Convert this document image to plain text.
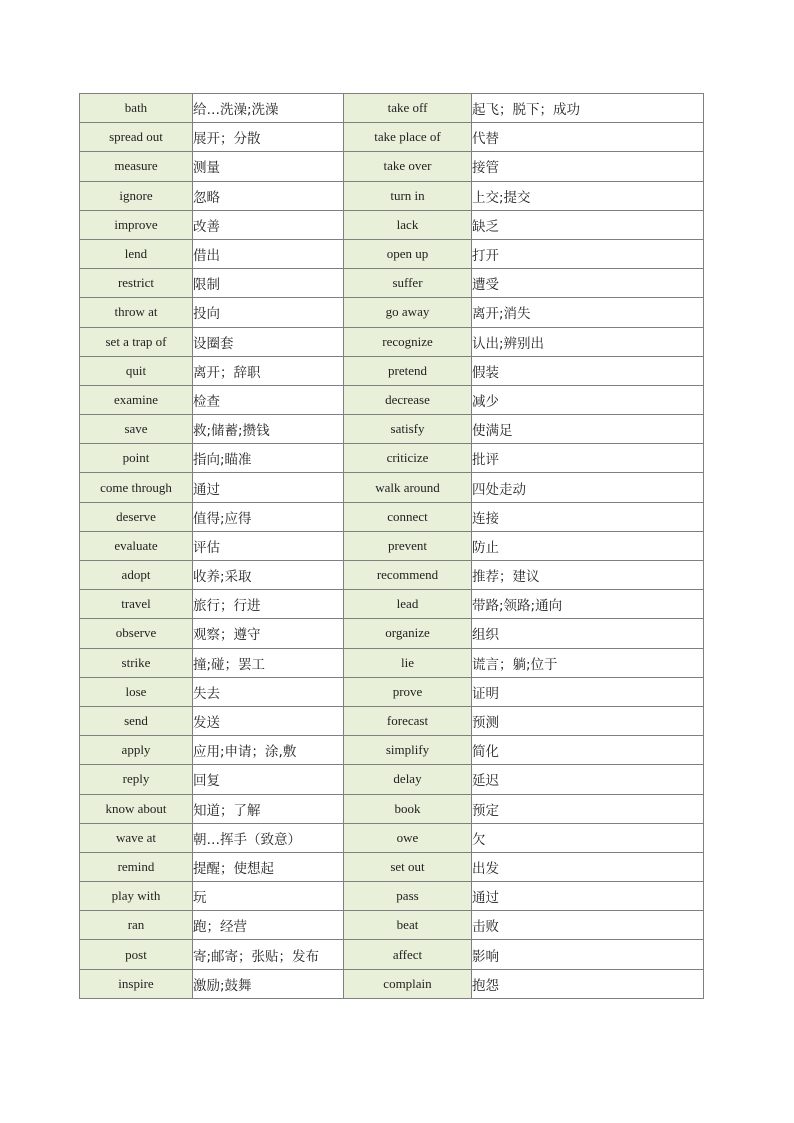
bath	给…洗澡;洗澡	take off	起飞；脱下；成功
spread out	展开；分散	take place of	代替
measure	测量	take over	接管
ignore	忽略	turn in	上交;提交
improve	改善	lack	缺乏
lend	借出	open up	打开
restrict	限制	suffer	遭受
throw at	投向	go away	离开;消失
set a trap of	设圈套	recognize	认出;辨别出
quit	离开；辞职	pretend	假装
examine	检查	decrease	减少
save	救;储蓄;攒钱	satisfy	使满足
point	指向;瞄准	criticize	批评
come through	通过	walk around	四处走动
deserve	值得;应得	connect	连接
evaluate	评估	prevent	防止
adopt	收养;采取	recommend	推荐；建议
travel	旅行；行进	lead	带路;领路;通向
observe	观察；遵守	organize	组织
strike	撞;碰；罢工	lie	谎言；躺;位于
lose	失去	prove	证明
send	发送	forecast	预测
apply	应用;申请；涂,敷	simplify	简化
reply	回复	delay	延迟
know about	知道；了解	book	预定
wave at	朝…挥手（致意）	owe	欠
remind	提醒；使想起	set out	出发
play with	玩	pass	通过
ran	跑；经营	beat	击败
post	寄;邮寄；张贴；发布	affect	影响
inspire	激励;鼓舞	complain	抱怨
